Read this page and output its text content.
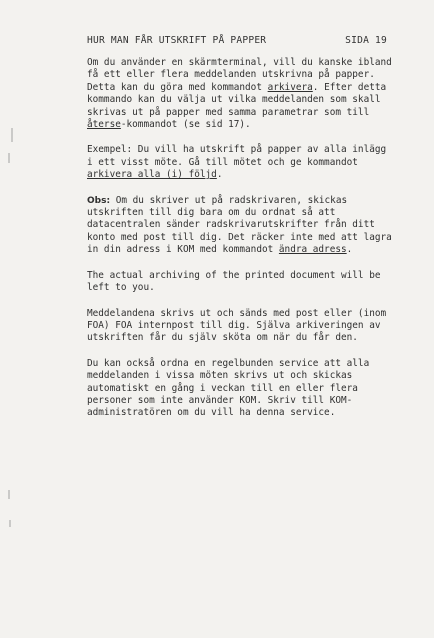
HUR MAN FÅR UTSKRIFT PÅ PAPPER	SIDA 19

Om du använder en skärmterminal, vill du kanske ibland få ett eller flera meddelanden utskrivna på papper. Detta kan du göra med kommandot arkivera. Efter detta kommando kan du välja ut vilka meddelanden som skall skrivas ut på papper med samma parametrar som till återse-kommandot (se sid 17).

Exempel: Du vill ha utskrift på papper av alla inlägg i ett visst möte. Gå till mötet och ge kommandot arkivera alla (i) följd.

Obs: Om du skriver ut på radskrivaren, skickas utskriften till dig bara om du ordnat så att datacentralen sänder radskrivarutskrifter från ditt konto med post till dig. Det räcker inte med att lagra in din adress i KOM med kommandot ändra adress.

The actual archiving of the printed document will be left to you.

Meddelandena skrivs ut och sänds med post eller (inom FOA) FOA internpost till dig. Själva arkiveringen av utskriften får du själv sköta om när du får den.

Du kan också ordna en regelbunden service att alla meddelanden i vissa möten skrivs ut och skickas automatiskt en gång i veckan till en eller flera personer som inte använder KOM. Skriv till KOM-administratören om du vill ha denna service.
